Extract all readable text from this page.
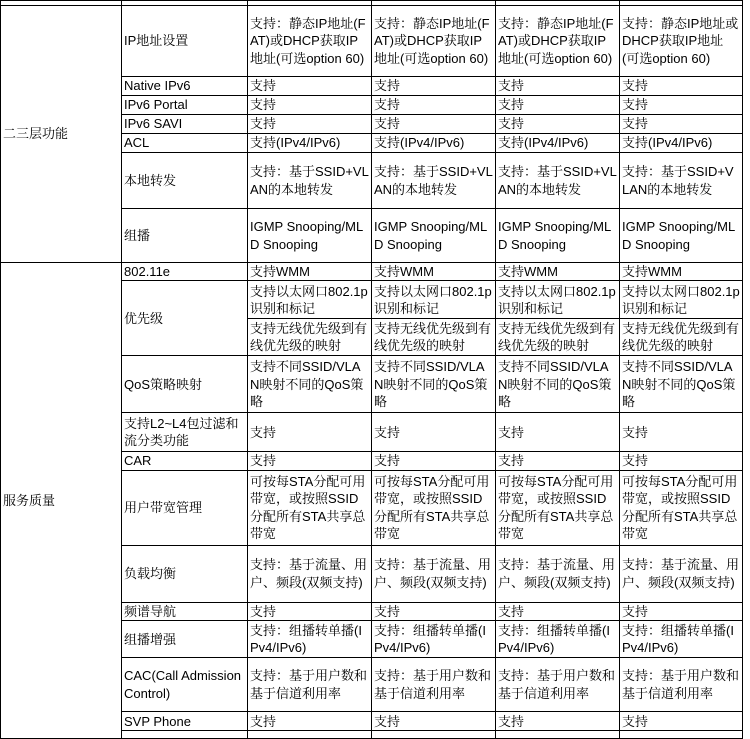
二三层功能	IP地址设置	支持：静态IP地址(FAT)或DHCP获取IP地址(可选option 60)	支持：静态IP地址(FAT)或DHCP获取IP地址(可选option 60)	支持：静态IP地址(FAT)或DHCP获取IP地址(可选option 60)	支持：静态IP地址或DHCP获取IP地址(可选option 60)
	Native IPv6	支持	支持	支持	支持
	IPv6 Portal	支持	支持	支持	支持
	IPv6 SAVI	支持	支持	支持	支持
	ACL	支持(IPv4/IPv6)	支持(IPv4/IPv6)	支持(IPv4/IPv6)	支持(IPv4/IPv6)
	本地转发	支持：基于SSID+VLAN的本地转发	支持：基于SSID+VLAN的本地转发	支持：基于SSID+VLAN的本地转发	支持：基于SSID+VLAN的本地转发
	组播	IGMP Snooping/MLD Snooping	IGMP Snooping/MLD Snooping	IGMP Snooping/MLD Snooping	IGMP Snooping/MLD Snooping
服务质量	802.11e	支持WMM	支持WMM	支持WMM	支持WMM
	优先级	支持以太网口802.1p识别和标记	支持以太网口802.1p识别和标记	支持以太网口802.1p识别和标记	支持以太网口802.1p识别和标记
		支持无线优先级到有线优先级的映射	支持无线优先级到有线优先级的映射	支持无线优先级到有线优先级的映射	支持无线优先级到有线优先级的映射
	QoS策略映射	支持不同SSID/VLAN映射不同的QoS策略	支持不同SSID/VLAN映射不同的QoS策略	支持不同SSID/VLAN映射不同的QoS策略	支持不同SSID/VLAN映射不同的QoS策略
	支持L2~L4包过滤和流分类功能	支持	支持	支持	支持
	CAR	支持	支持	支持	支持
	用户带宽管理	可按每STA分配可用带宽，或按照SSID分配所有STA共享总带宽	可按每STA分配可用带宽，或按照SSID分配所有STA共享总带宽	可按每STA分配可用带宽，或按照SSID分配所有STA共享总带宽	可按每STA分配可用带宽，或按照SSID分配所有STA共享总带宽
	负载均衡	支持：基于流量、用户、频段(双频支持)	支持：基于流量、用户、频段(双频支持)	支持：基于流量、用户、频段(双频支持)	支持：基于流量、用户、频段(双频支持)
	频谱导航	支持	支持	支持	支持
	组播增强	支持：组播转单播(IPv4/IPv6)	支持：组播转单播(IPv4/IPv6)	支持：组播转单播(IPv4/IPv6)	支持：组播转单播(IPv4/IPv6)
	CAC(Call Admission Control)	支持：基于用户数和基于信道利用率	支持：基于用户数和基于信道利用率	支持：基于用户数和基于信道利用率	支持：基于用户数和基于信道利用率
	SVP Phone	支持	支持	支持	支持
